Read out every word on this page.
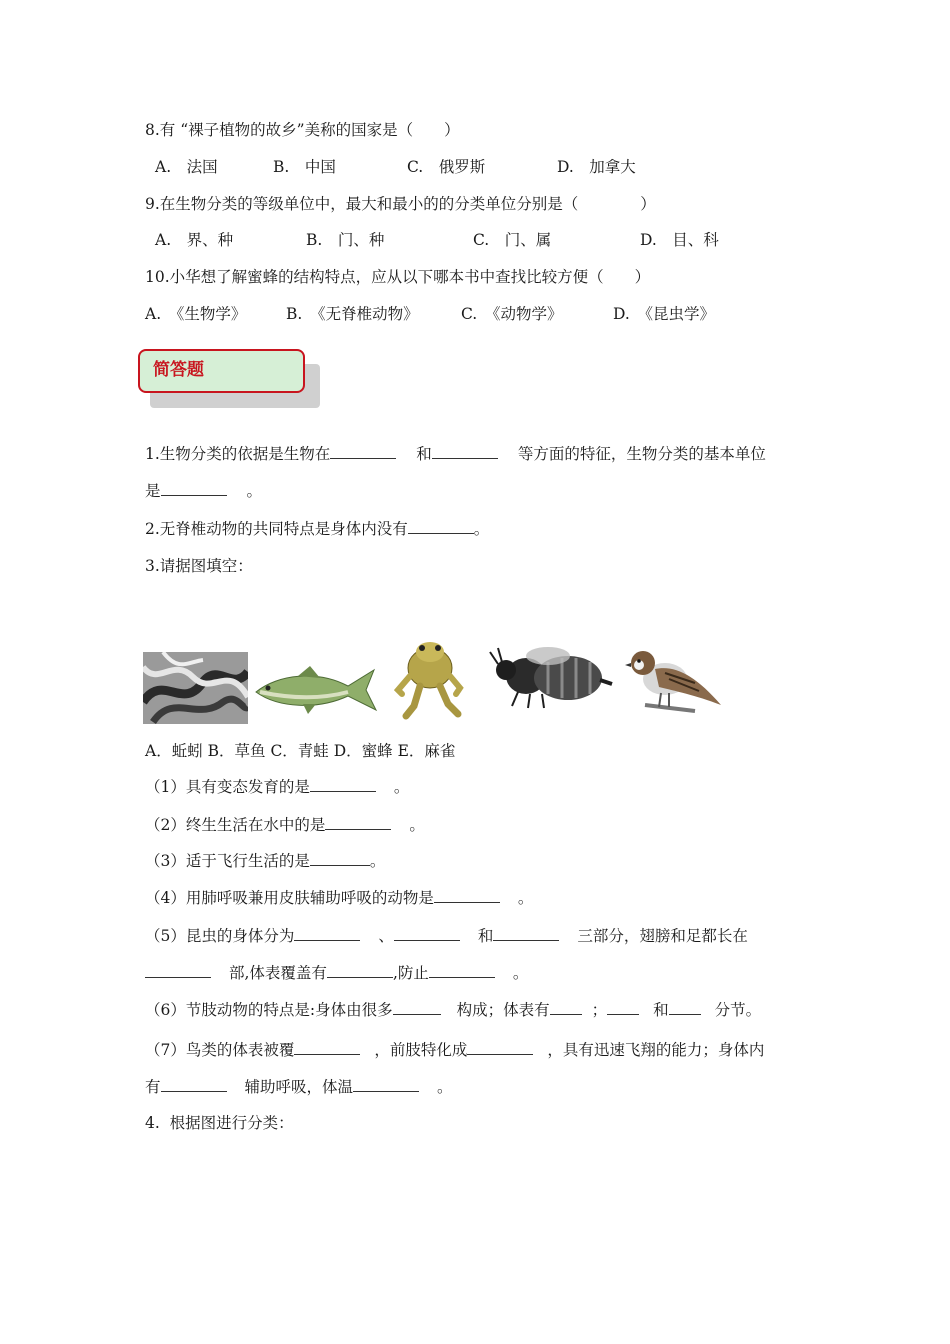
8.有 “裸子植物的故乡”美称的国家是（　　）
A.　法国	B.　中国	C.　俄罗斯	D.　加拿大
9.在生物分类的等级单位中，最大和最小的的分类单位分别是（　　　　）
A.　界、种	B.　门、种	C.　门、属	D.　目、科
10.小华想了解蜜蜂的结构特点，应从以下哪本书中查找比较方便（　　）
A.　《生物学》	B.　《无脊椎动物》	C.　《动物学》	D.　《昆虫学》
简答题
1.生物分类的依据是生物在	和	等方面的特征，生物分类的基本单位
是	。
2.无脊椎动物的共同特点是身体内没有	。
3.请据图填空：
A．蚯蚓 B．草鱼 C．青蛙 D．蜜蜂 E．麻雀
（1）具有变态发育的是	。
（2）终生生活在水中的是	。
（3）适于飞行生活的是	。
（4）用肺呼吸兼用皮肤辅助呼吸的动物是	。
（5）昆虫的身体分为	、	和	三部分，翅膀和足都长在
部,体表覆盖有	,防止	。
（6）节肢动物的特点是:身体由很多	构成；体表有	；	和	分节。
（7）鸟类的体表被覆	，前肢特化成	，具有迅速飞翔的能力；身体内
有	辅助呼吸，体温	。
4.  根据图进行分类：
